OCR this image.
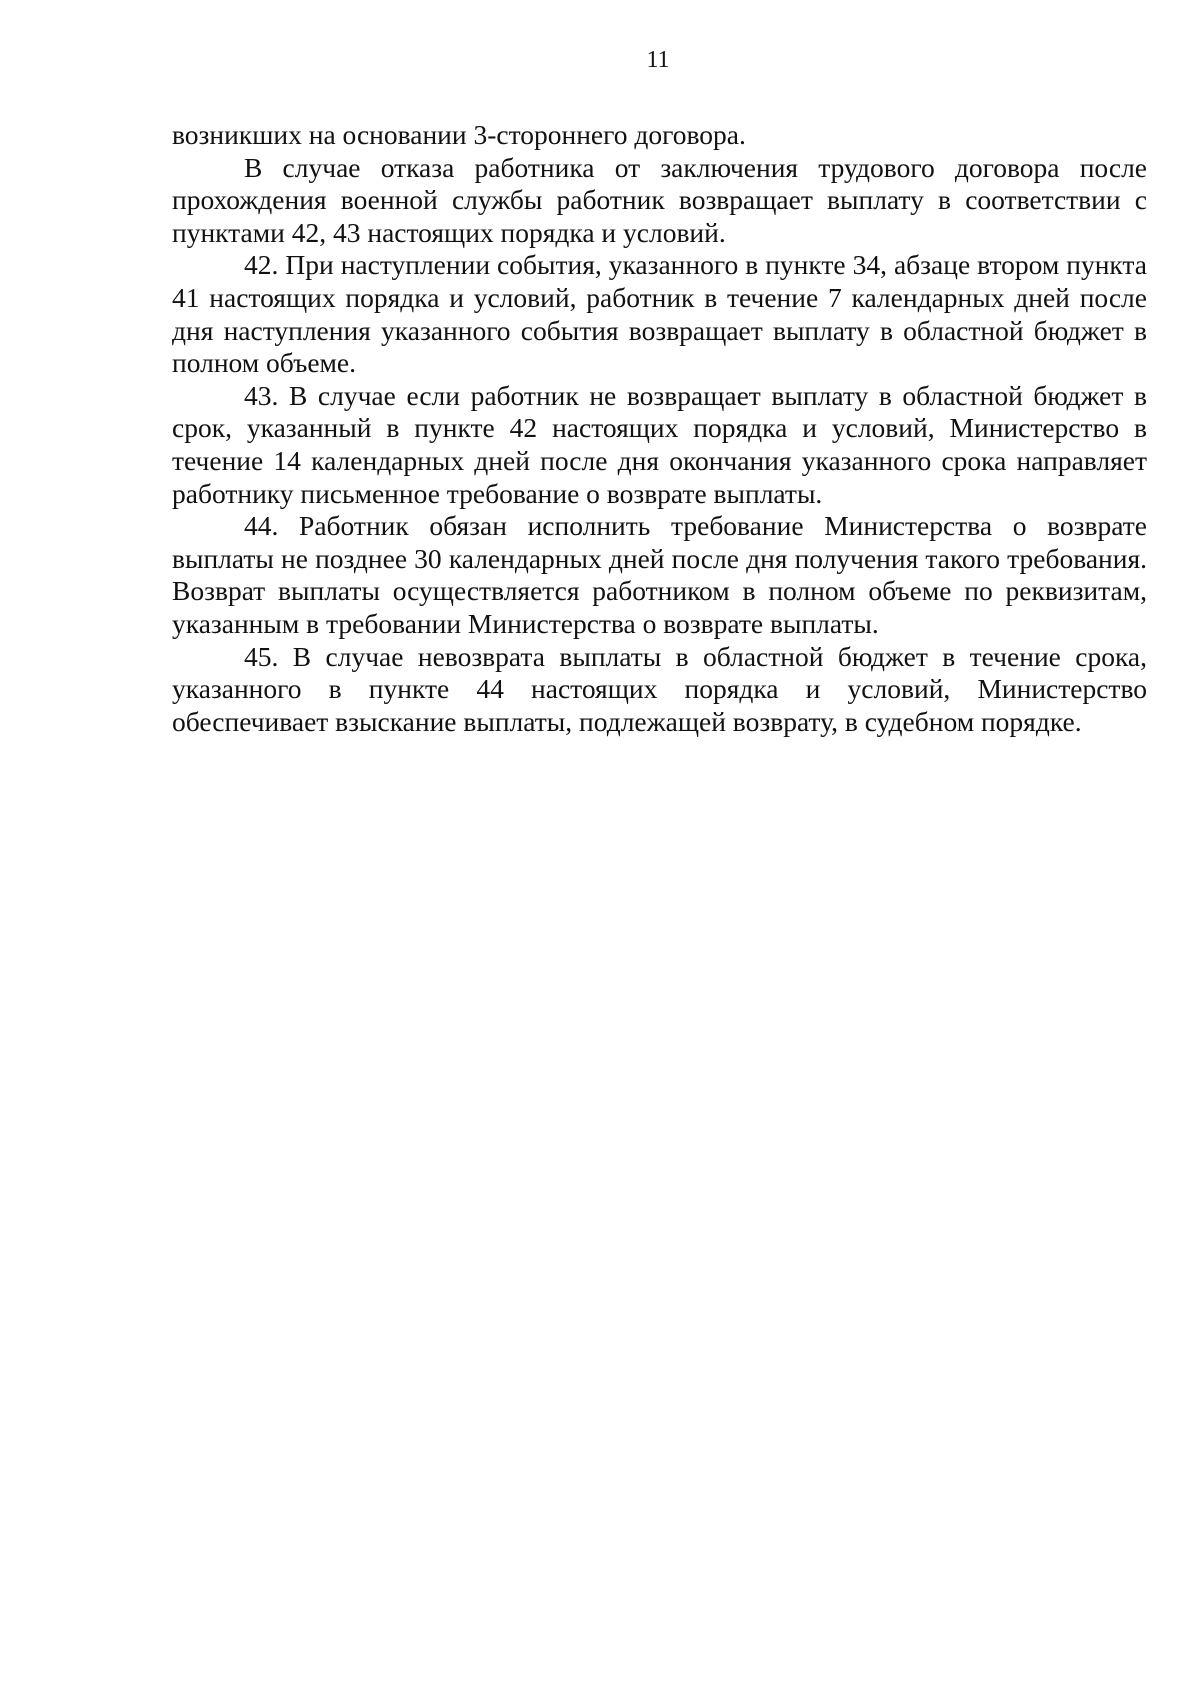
11

возникших на основании 3-стороннего договора.

В случае отказа работника от заключения трудового договора после прохождения военной службы работник возвращает выплату в соответствии с пунктами 42, 43 настоящих порядка и условий.

42. При наступлении события, указанного в пункте 34, абзаце втором пункта 41 настоящих порядка и условий, работник в течение 7 календарных дней после дня наступления указанного события возвращает выплату в областной бюджет в полном объеме.

43. В случае если работник не возвращает выплату в областной бюджет в срок, указанный в пункте 42 настоящих порядка и условий, Министерство в течение 14 календарных дней после дня окончания указанного срока направляет работнику письменное требование о возврате выплаты.

44. Работник обязан исполнить требование Министерства о возврате выплаты не позднее 30 календарных дней после дня получения такого требования. Возврат выплаты осуществляется работником в полном объеме по реквизитам, указанным в требовании Министерства о возврате выплаты.

45. В случае невозврата выплаты в областной бюджет в течение срока, указанного в пункте 44 настоящих порядка и условий, Министерство обеспечивает взыскание выплаты, подлежащей возврату, в судебном порядке.
